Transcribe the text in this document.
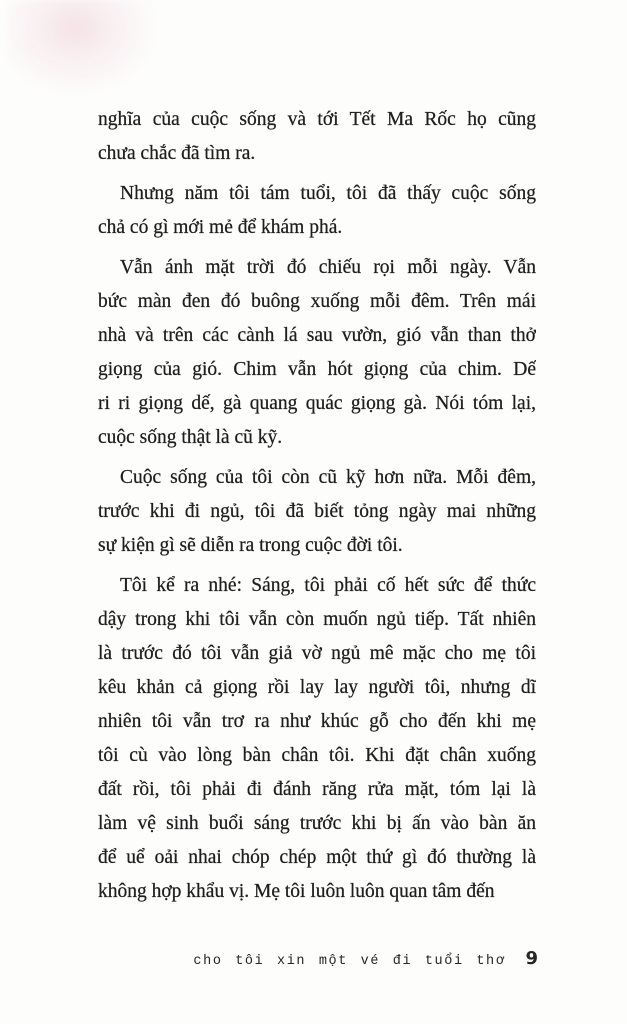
nghĩa của cuộc sống và tới Tết Ma Rốc họ cũng
chưa chắc đã tìm ra.

Nhưng năm tôi tám tuổi, tôi đã thấy cuộc sống
chả có gì mới mẻ để khám phá.

Vẫn ánh mặt trời đó chiếu rọi mỗi ngày. Vẫn
bức màn đen đó buông xuống mỗi đêm. Trên mái
nhà và trên các cành lá sau vườn, gió vẫn than thở
giọng của gió. Chim vẫn hót giọng của chim. Dế
ri ri giọng dế, gà quang quác giọng gà. Nói tóm lại,
cuộc sống thật là cũ kỹ.

Cuộc sống của tôi còn cũ kỹ hơn nữa. Mỗi đêm,
trước khi đi ngủ, tôi đã biết tỏng ngày mai những
sự kiện gì sẽ diễn ra trong cuộc đời tôi.

Tôi kể ra nhé: Sáng, tôi phải cố hết sức để thức
dậy trong khi tôi vẫn còn muốn ngủ tiếp. Tất nhiên
là trước đó tôi vẫn giả vờ ngủ mê mặc cho mẹ tôi
kêu khản cả giọng rồi lay lay người tôi, nhưng dĩ
nhiên tôi vẫn trơ ra như khúc gỗ cho đến khi mẹ
tôi cù vào lòng bàn chân tôi. Khi đặt chân xuống
đất rồi, tôi phải đi đánh răng rửa mặt, tóm lại là
làm vệ sinh buổi sáng trước khi bị ấn vào bàn ăn
để uể oải nhai chóp chép một thứ gì đó thường là
không hợp khẩu vị. Mẹ tôi luôn luôn quan tâm đến

cho tôi xin một vé đi tuổi thơ 9
